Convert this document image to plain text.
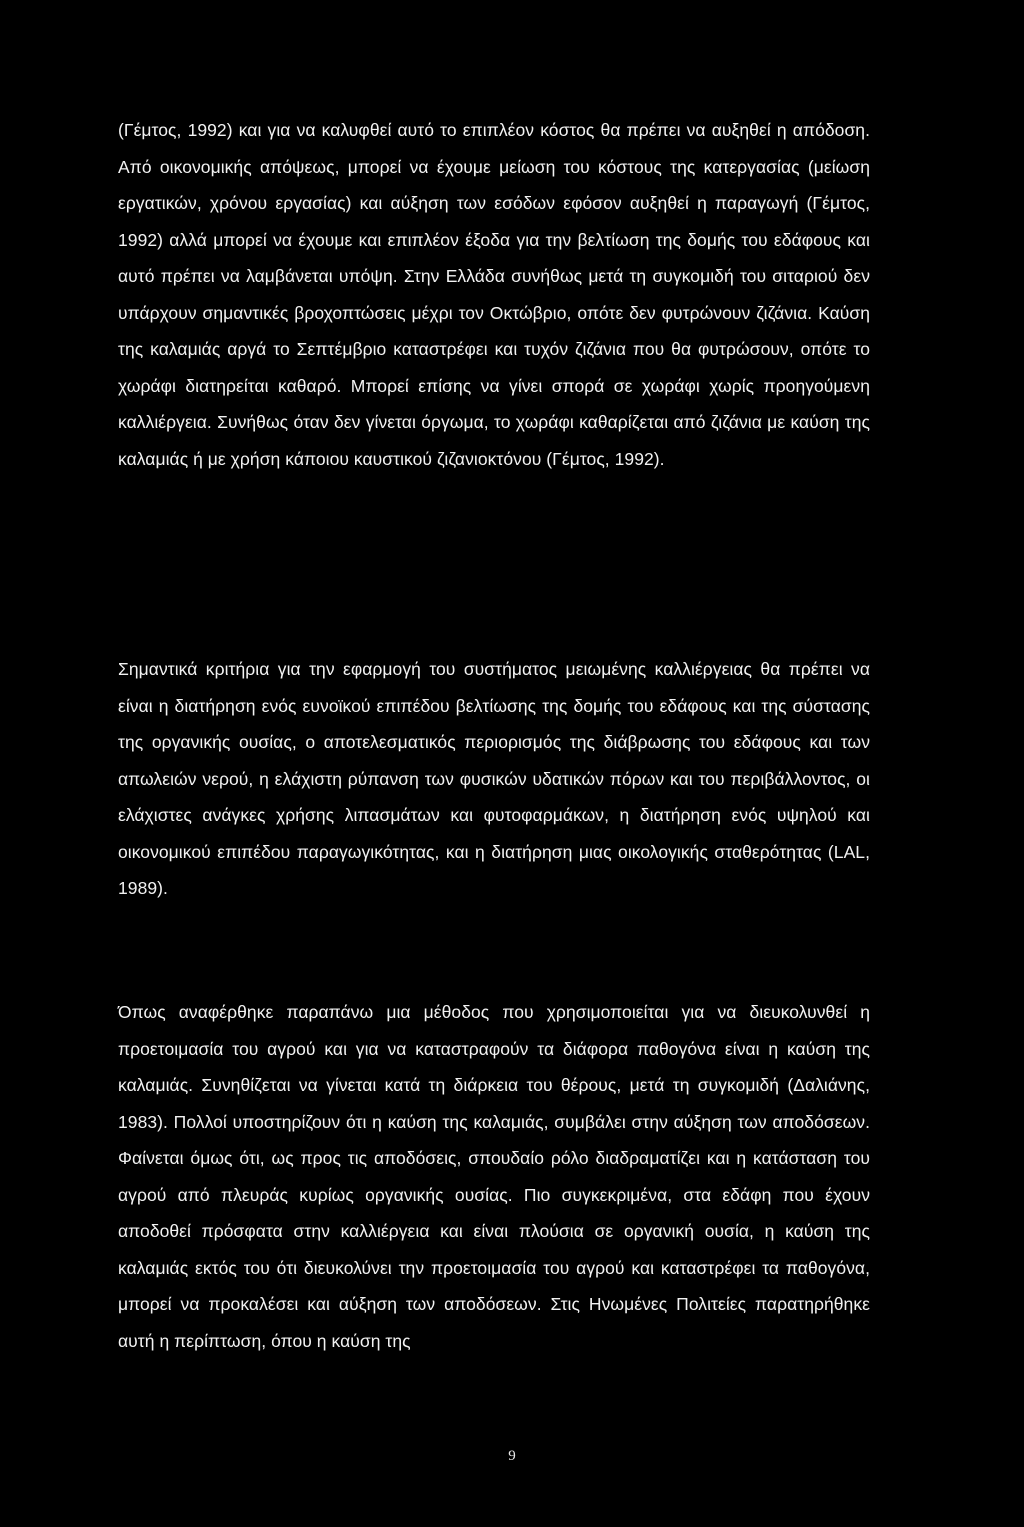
(Γέμτος, 1992) και για να καλυφθεί αυτό το επιπλέον κόστος θα πρέπει να αυξηθεί η απόδοση. Από οικονομικής απόψεως, μπορεί να έχουμε μείωση του κόστους της κατεργασίας (μείωση εργατικών, χρόνου εργασίας) και αύξηση των εσόδων εφόσον αυξηθεί η παραγωγή (Γέμτος, 1992) αλλά μπορεί να έχουμε και επιπλέον έξοδα για την βελτίωση της δομής του εδάφους και αυτό πρέπει να λαμβάνεται υπόψη. Στην Ελλάδα συνήθως μετά τη συγκομιδή του σιταριού δεν υπάρχουν σημαντικές βροχοπτώσεις μέχρι τον Οκτώβριο, οπότε δεν φυτρώνουν ζιζάνια. Καύση της καλαμιάς αργά το Σεπτέμβριο καταστρέφει και τυχόν ζιζάνια που θα φυτρώσουν, οπότε το χωράφι διατηρείται καθαρό. Μπορεί επίσης να γίνει σπορά σε χωράφι χωρίς προηγούμενη καλλιέργεια. Συνήθως όταν δεν γίνεται όργωμα, το χωράφι καθαρίζεται από ζιζάνια με καύση της καλαμιάς ή με χρήση κάποιου καυστικού ζιζανιοκτόνου (Γέμτος, 1992).

Σημαντικά κριτήρια για την εφαρμογή του συστήματος μειωμένης καλλιέργειας θα πρέπει να είναι η διατήρηση ενός ευνοϊκού επιπέδου βελτίωσης της δομής του εδάφους και της σύστασης της οργανικής ουσίας, ο αποτελεσματικός περιορισμός της διάβρωσης του εδάφους και των απωλειών νερού, η ελάχιστη ρύπανση των φυσικών υδατικών πόρων και του περιβάλλοντος, οι ελάχιστες ανάγκες χρήσης λιπασμάτων και φυτοφαρμάκων, η διατήρηση ενός υψηλού και οικονομικού επιπέδου παραγωγικότητας, και η διατήρηση μιας οικολογικής σταθερότητας (LAL, 1989).

Όπως αναφέρθηκε παραπάνω μια μέθοδος που χρησιμοποιείται για να διευκολυνθεί η προετοιμασία του αγρού και για να καταστραφούν τα διάφορα παθογόνα είναι η καύση της καλαμιάς. Συνηθίζεται να γίνεται κατά τη διάρκεια του θέρους, μετά τη συγκομιδή (Δαλιάνης, 1983). Πολλοί υποστηρίζουν ότι η καύση της καλαμιάς, συμβάλει στην αύξηση των αποδόσεων. Φαίνεται όμως ότι, ως προς τις αποδόσεις, σπουδαίο ρόλο διαδραματίζει και η κατάσταση του αγρού από πλευράς κυρίως οργανικής ουσίας. Πιο συγκεκριμένα, στα εδάφη που έχουν αποδοθεί πρόσφατα στην καλλιέργεια και είναι πλούσια σε οργανική ουσία, η καύση της καλαμιάς εκτός του ότι διευκολύνει την προετοιμασία του αγρού και καταστρέφει τα παθογόνα, μπορεί να προκαλέσει και αύξηση των αποδόσεων. Στις Ηνωμένες Πολιτείες παρατηρήθηκε αυτή η περίπτωση, όπου η καύση της

9
